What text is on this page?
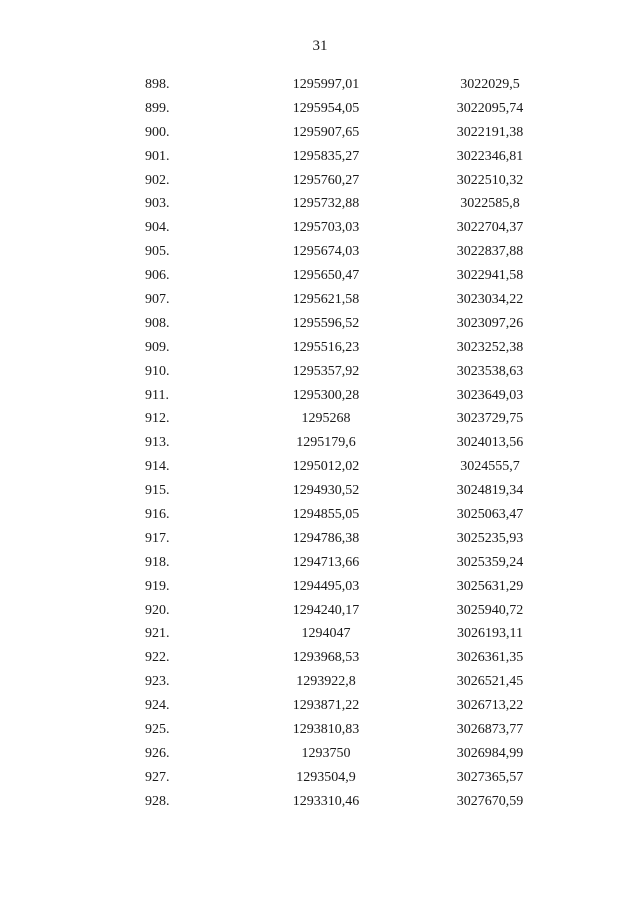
31
898.	1295997,01	3022029,5
899.	1295954,05	3022095,74
900.	1295907,65	3022191,38
901.	1295835,27	3022346,81
902.	1295760,27	3022510,32
903.	1295732,88	3022585,8
904.	1295703,03	3022704,37
905.	1295674,03	3022837,88
906.	1295650,47	3022941,58
907.	1295621,58	3023034,22
908.	1295596,52	3023097,26
909.	1295516,23	3023252,38
910.	1295357,92	3023538,63
911.	1295300,28	3023649,03
912.	1295268	3023729,75
913.	1295179,6	3024013,56
914.	1295012,02	3024555,7
915.	1294930,52	3024819,34
916.	1294855,05	3025063,47
917.	1294786,38	3025235,93
918.	1294713,66	3025359,24
919.	1294495,03	3025631,29
920.	1294240,17	3025940,72
921.	1294047	3026193,11
922.	1293968,53	3026361,35
923.	1293922,8	3026521,45
924.	1293871,22	3026713,22
925.	1293810,83	3026873,77
926.	1293750	3026984,99
927.	1293504,9	3027365,57
928.	1293310,46	3027670,59
